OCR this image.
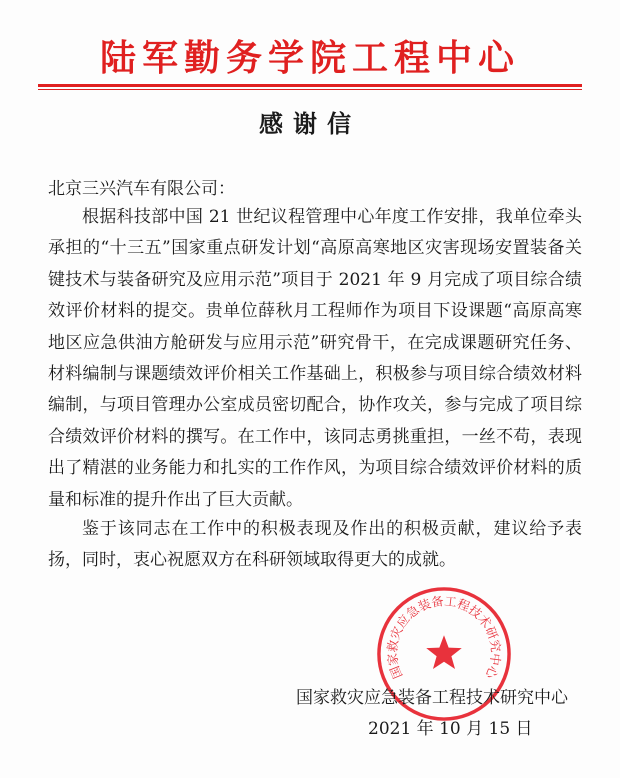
陆军勤务学院工程中心
感谢信
北京三兴汽车有限公司：

根据科技部中国 21 世纪议程管理中心年度工作安排，我单位牵头承担的“十三五”国家重点研发计划“高原高寒地区灾害现场安置装备关键技术与装备研究及应用示范”项目于 2021 年 9 月完成了项目综合绩效评价材料的提交。贵单位薛秋月工程师作为项目下设课题“高原高寒地区应急供油方舱研发与应用示范”研究骨干，在完成课题研究任务、材料编制与课题绩效评价相关工作基础上，积极参与项目综合绩效材料编制，与项目管理办公室成员密切配合，协作攻关，参与完成了项目综合绩效评价材料的撰写。在工作中，该同志勇挑重担，一丝不苟，表现出了精湛的业务能力和扎实的工作作风，为项目综合绩效评价材料的质量和标准的提升作出了巨大贡献。

鉴于该同志在工作中的积极表现及作出的积极贡献，建议给予表扬，同时，衷心祝愿双方在科研领域取得更大的成就。

国家救灾应急装备工程技术研究中心
国家救灾应急装备工程技术研究中心
2021 年 10 月 15 日
